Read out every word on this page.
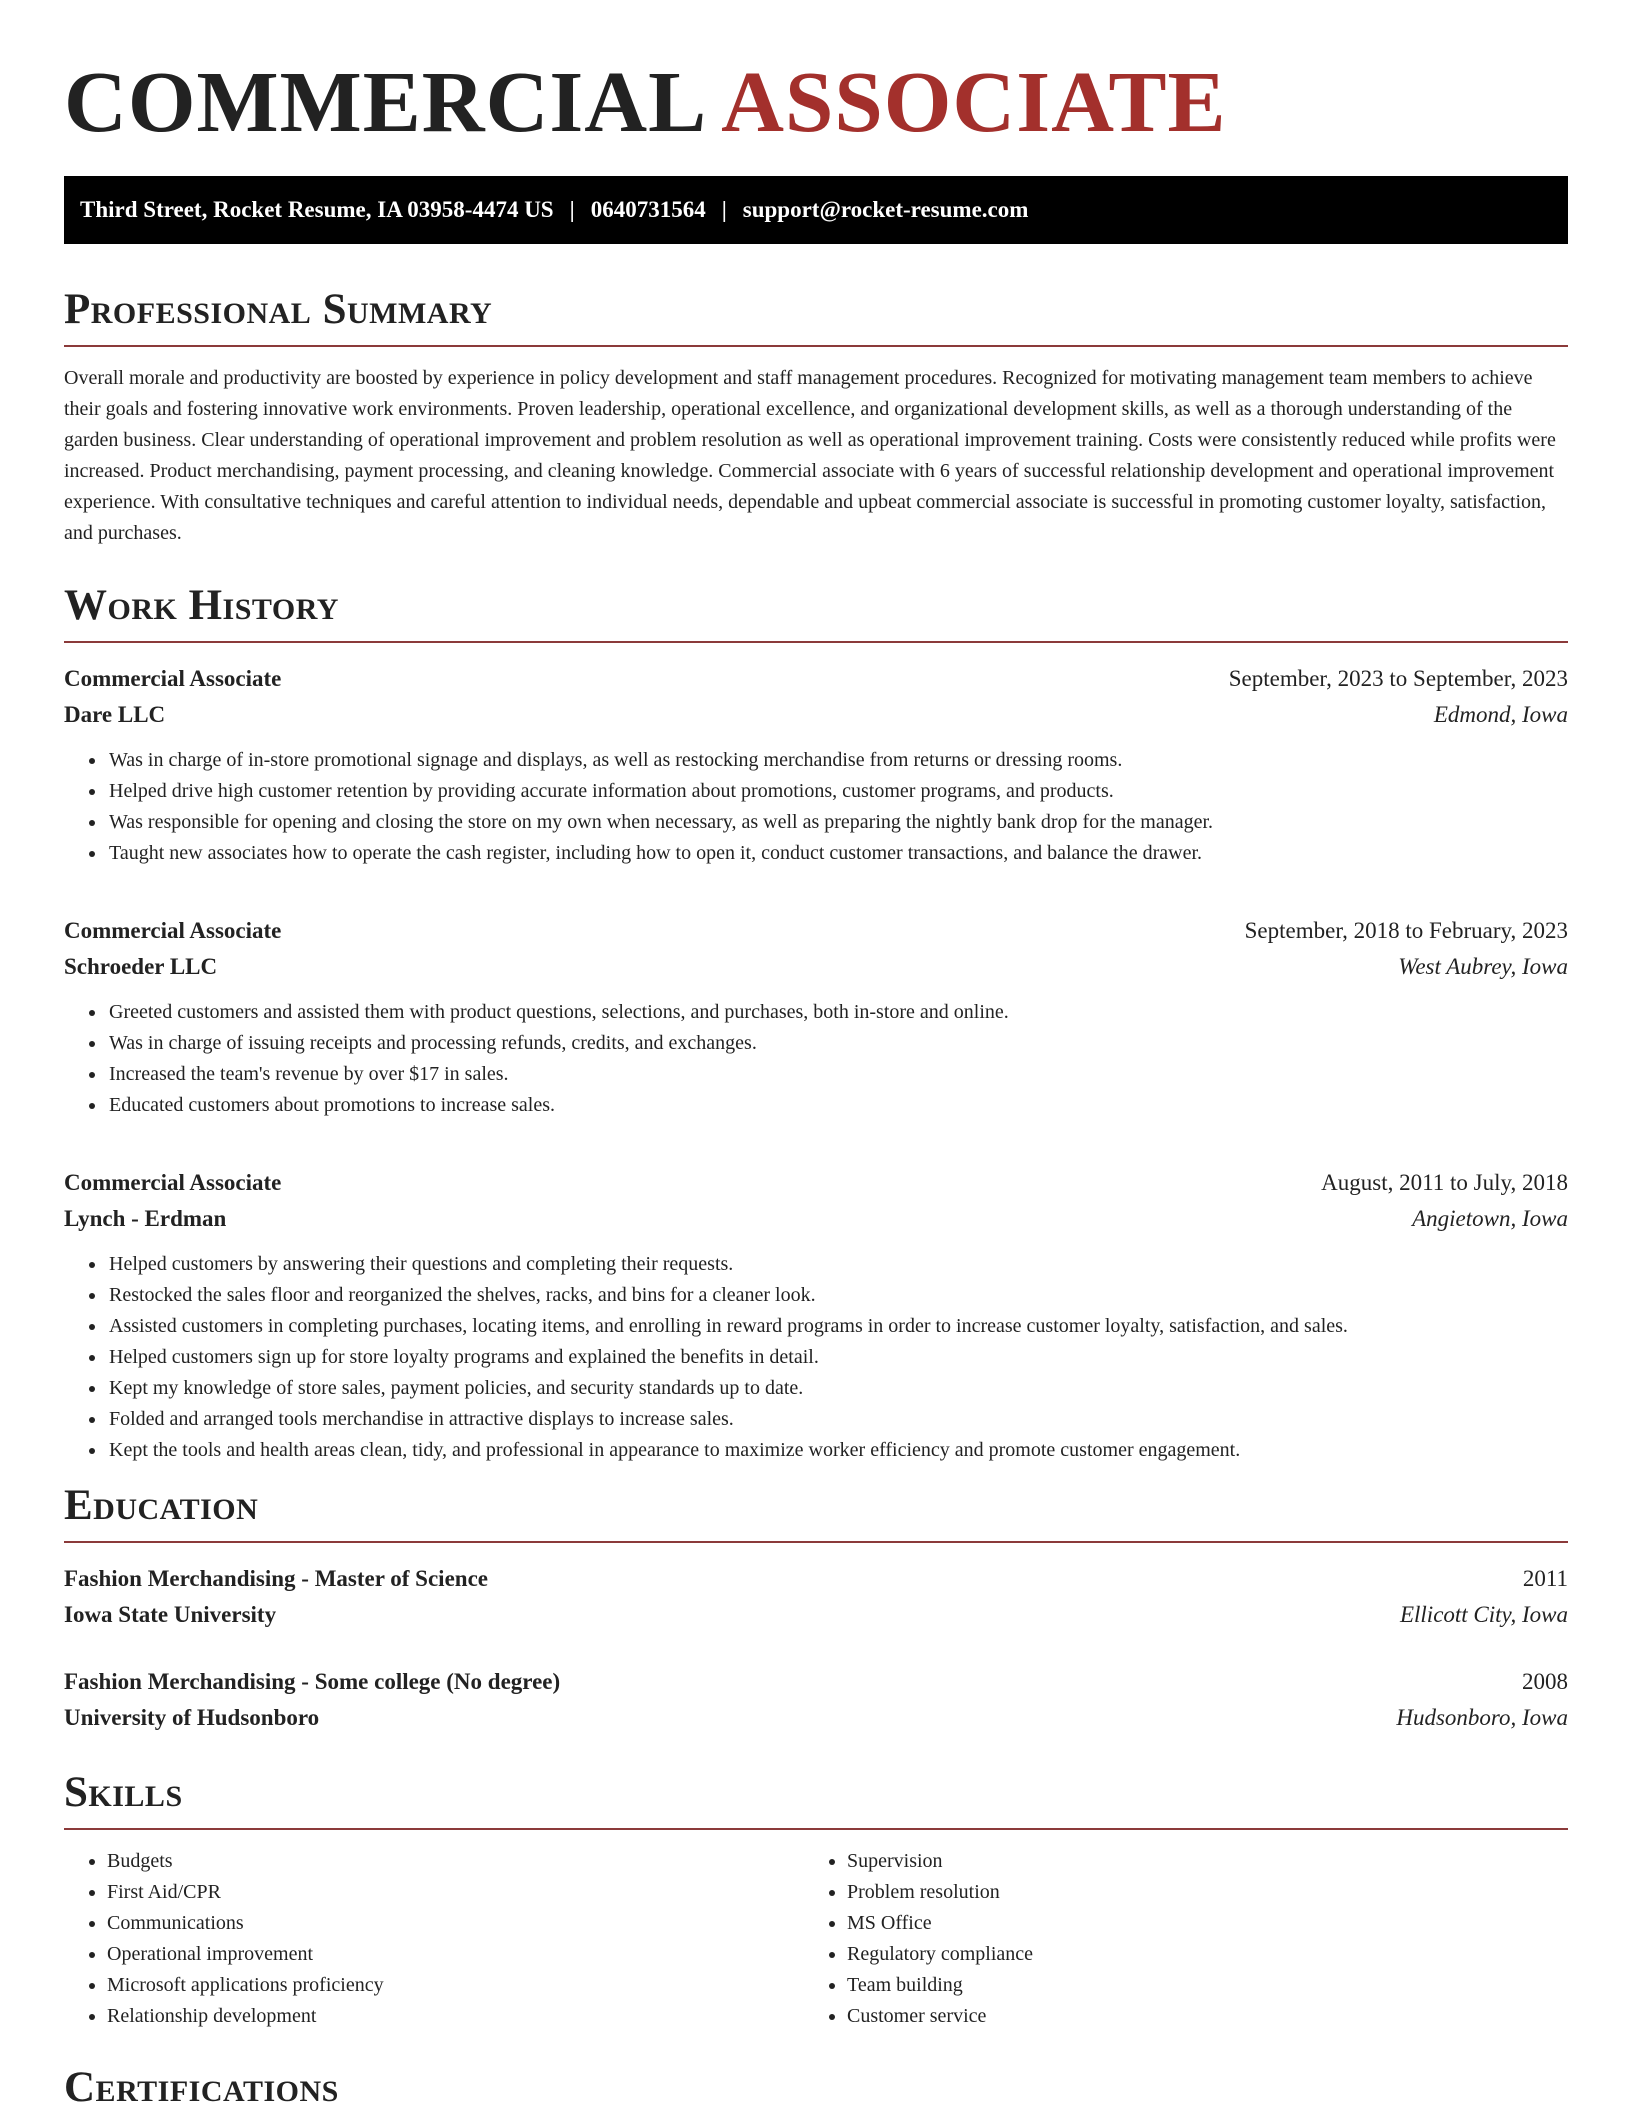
COMMERCIAL ASSOCIATE
Third Street, Rocket Resume, IA 03958-4474 US | 0640731564 | support@rocket-resume.com
Professional Summary

Overall morale and productivity are boosted by experience in policy development and staff management procedures. Recognized for motivating management team members to achieve their goals and fostering innovative work environments. Proven leadership, operational excellence, and organizational development skills, as well as a thorough understanding of the garden business. Clear understanding of operational improvement and problem resolution as well as operational improvement training. Costs were consistently reduced while profits were increased. Product merchandising, payment processing, and cleaning knowledge. Commercial associate with 6 years of successful relationship development and operational improvement experience. With consultative techniques and careful attention to individual needs, dependable and upbeat commercial associate is successful in promoting customer loyalty, satisfaction, and purchases.

Work History
Commercial Associate	September, 2023 to September, 2023
Dare LLC	Edmond, Iowa
• Was in charge of in-store promotional signage and displays, as well as restocking merchandise from returns or dressing rooms.
• Helped drive high customer retention by providing accurate information about promotions, customer programs, and products.
• Was responsible for opening and closing the store on my own when necessary, as well as preparing the nightly bank drop for the manager.
• Taught new associates how to operate the cash register, including how to open it, conduct customer transactions, and balance the drawer.
Commercial Associate	September, 2018 to February, 2023
Schroeder LLC	West Aubrey, Iowa
• Greeted customers and assisted them with product questions, selections, and purchases, both in-store and online.
• Was in charge of issuing receipts and processing refunds, credits, and exchanges.
• Increased the team's revenue by over $17 in sales.
• Educated customers about promotions to increase sales.
Commercial Associate	August, 2011 to July, 2018
Lynch - Erdman	Angietown, Iowa
• Helped customers by answering their questions and completing their requests.
• Restocked the sales floor and reorganized the shelves, racks, and bins for a cleaner look.
• Assisted customers in completing purchases, locating items, and enrolling in reward programs in order to increase customer loyalty, satisfaction, and sales.
• Helped customers sign up for store loyalty programs and explained the benefits in detail.
• Kept my knowledge of store sales, payment policies, and security standards up to date.
• Folded and arranged tools merchandise in attractive displays to increase sales.
• Kept the tools and health areas clean, tidy, and professional in appearance to maximize worker efficiency and promote customer engagement.
Education
Fashion Merchandising - Master of Science	2011
Iowa State University	Ellicott City, Iowa
Fashion Merchandising - Some college (No degree)	2008
University of Hudsonboro	Hudsonboro, Iowa
Skills
• Budgets
• First Aid/CPR
• Communications
• Operational improvement
• Microsoft applications proficiency
• Relationship development
• Supervision
• Problem resolution
• MS Office
• Regulatory compliance
• Team building
• Customer service
Certifications
